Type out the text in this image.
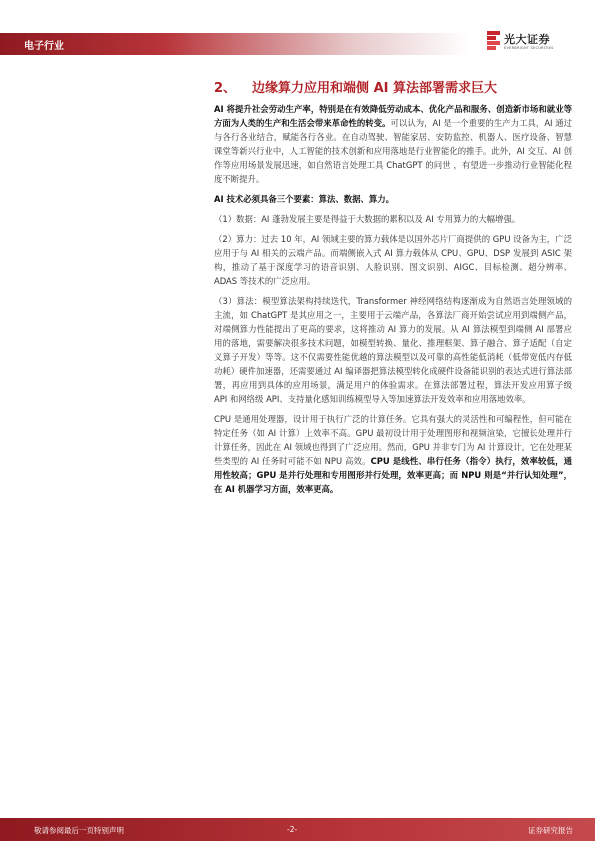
电子行业
光大证券
EVERBRIGHT SECURITIES
2、 边缘算力应用和端侧 AI 算法部署需求巨大

AI 将提升社会劳动生产率，特别是在有效降低劳动成本、优化产品和服务、创造新市场和就业等方面为人类的生产和生活会带来革命性的转变。可以认为，AI 是一个重要的生产力工具，AI 通过与各行各业结合，赋能各行各业。在自动驾驶、智能家居、安防监控、机器人、医疗设备、智慧课堂等新兴行业中，人工智能的技术创新和应用落地是行业智能化的推手。此外，AI 交互、AI 创作等应用场景发展迅速，如自然语言处理工具 ChatGPT 的问世 ，有望进一步推动行业智能化程度不断提升。

AI 技术必须具备三个要素：算法、数据、算力。

（1）数据：AI 蓬勃发展主要是得益于大数据的累积以及 AI 专用算力的大幅增强。

（2）算力：过去 10 年，AI 领域主要的算力载体是以国外芯片厂商提供的 GPU 设备为主，广泛应用于与 AI 相关的云端产品。而端侧嵌入式 AI 算力载体从 CPU、GPU、DSP 发展到 ASIC 架构，推动了基于深度学习的语音识别、人脸识别、图文识别、AIGC、目标检测、超分辨率、ADAS 等技术的广泛应用。

（3）算法：模型算法架构持续迭代，Transformer 神经网络结构逐渐成为自然语言处理领域的主流，如 ChatGPT 是其应用之一，主要用于云端产品，各算法厂商开始尝试应用到端侧产品，对端侧算力性能提出了更高的要求，这将推动 AI 算力的发展。从 AI 算法模型到端侧 AI 部署应用的落地，需要解决很多技术问题，如模型转换、量化、推理框架、算子融合、算子适配（自定义算子开发）等等。这不仅需要性能优越的算法模型以及可靠的高性能低消耗（低带宽低内存低功耗）硬件加速器，还需要通过 AI 编译器把算法模型转化成硬件设备能识别的表达式进行算法部署，再应用到具体的应用场景，满足用户的体验需求。在算法部署过程，算法开发应用算子级 API 和网络级 API、支持量化感知训练模型导入等加速算法开发效率和应用落地效率。

CPU 是通用处理器，设计用于执行广泛的计算任务。它具有强大的灵活性和可编程性，但可能在特定任务（如 AI 计算）上效率不高。GPU 最初设计用于处理图形和视频渲染，它擅长处理并行计算任务，因此在 AI 领域也得到了广泛应用。然而，GPU 并非专门为 AI 计算设计，它在处理某些类型的 AI 任务时可能不如 NPU 高效。CPU 是线性、串行任务（指令）执行，效率较低，通用性较高；GPU 是并行处理和专用图形并行处理，效率更高；而 NPU 则是“并行认知处理”，在 AI 机器学习方面，效率更高。

敬请参阅最后一页特别声明	-2-	证券研究报告
